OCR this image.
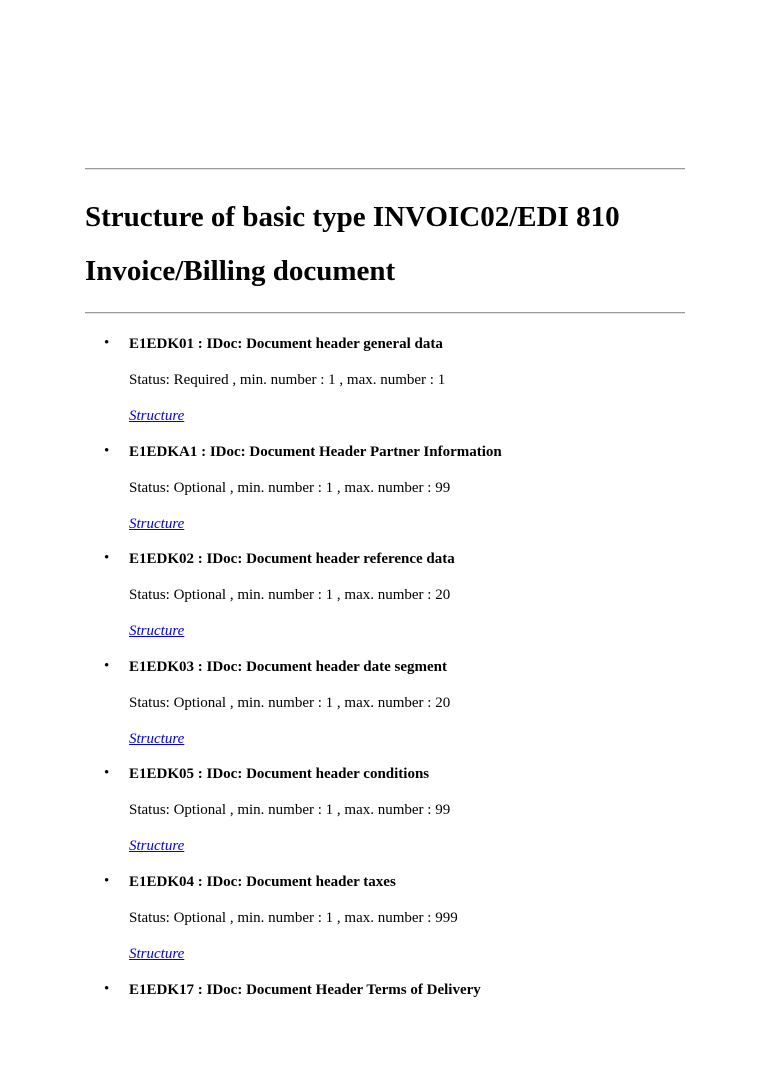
Structure of basic type INVOIC02/EDI 810
Invoice/Billing document
• E1EDK01 : IDoc: Document header general data
Status: Required , min. number : 1 , max. number : 1
Structure
• E1EDKA1 : IDoc: Document Header Partner Information
Status: Optional , min. number : 1 , max. number : 99
Structure
• E1EDK02 : IDoc: Document header reference data
Status: Optional , min. number : 1 , max. number : 20
Structure
• E1EDK03 : IDoc: Document header date segment
Status: Optional , min. number : 1 , max. number : 20
Structure
• E1EDK05 : IDoc: Document header conditions
Status: Optional , min. number : 1 , max. number : 99
Structure
• E1EDK04 : IDoc: Document header taxes
Status: Optional , min. number : 1 , max. number : 999
Structure
• E1EDK17 : IDoc: Document Header Terms of Delivery
